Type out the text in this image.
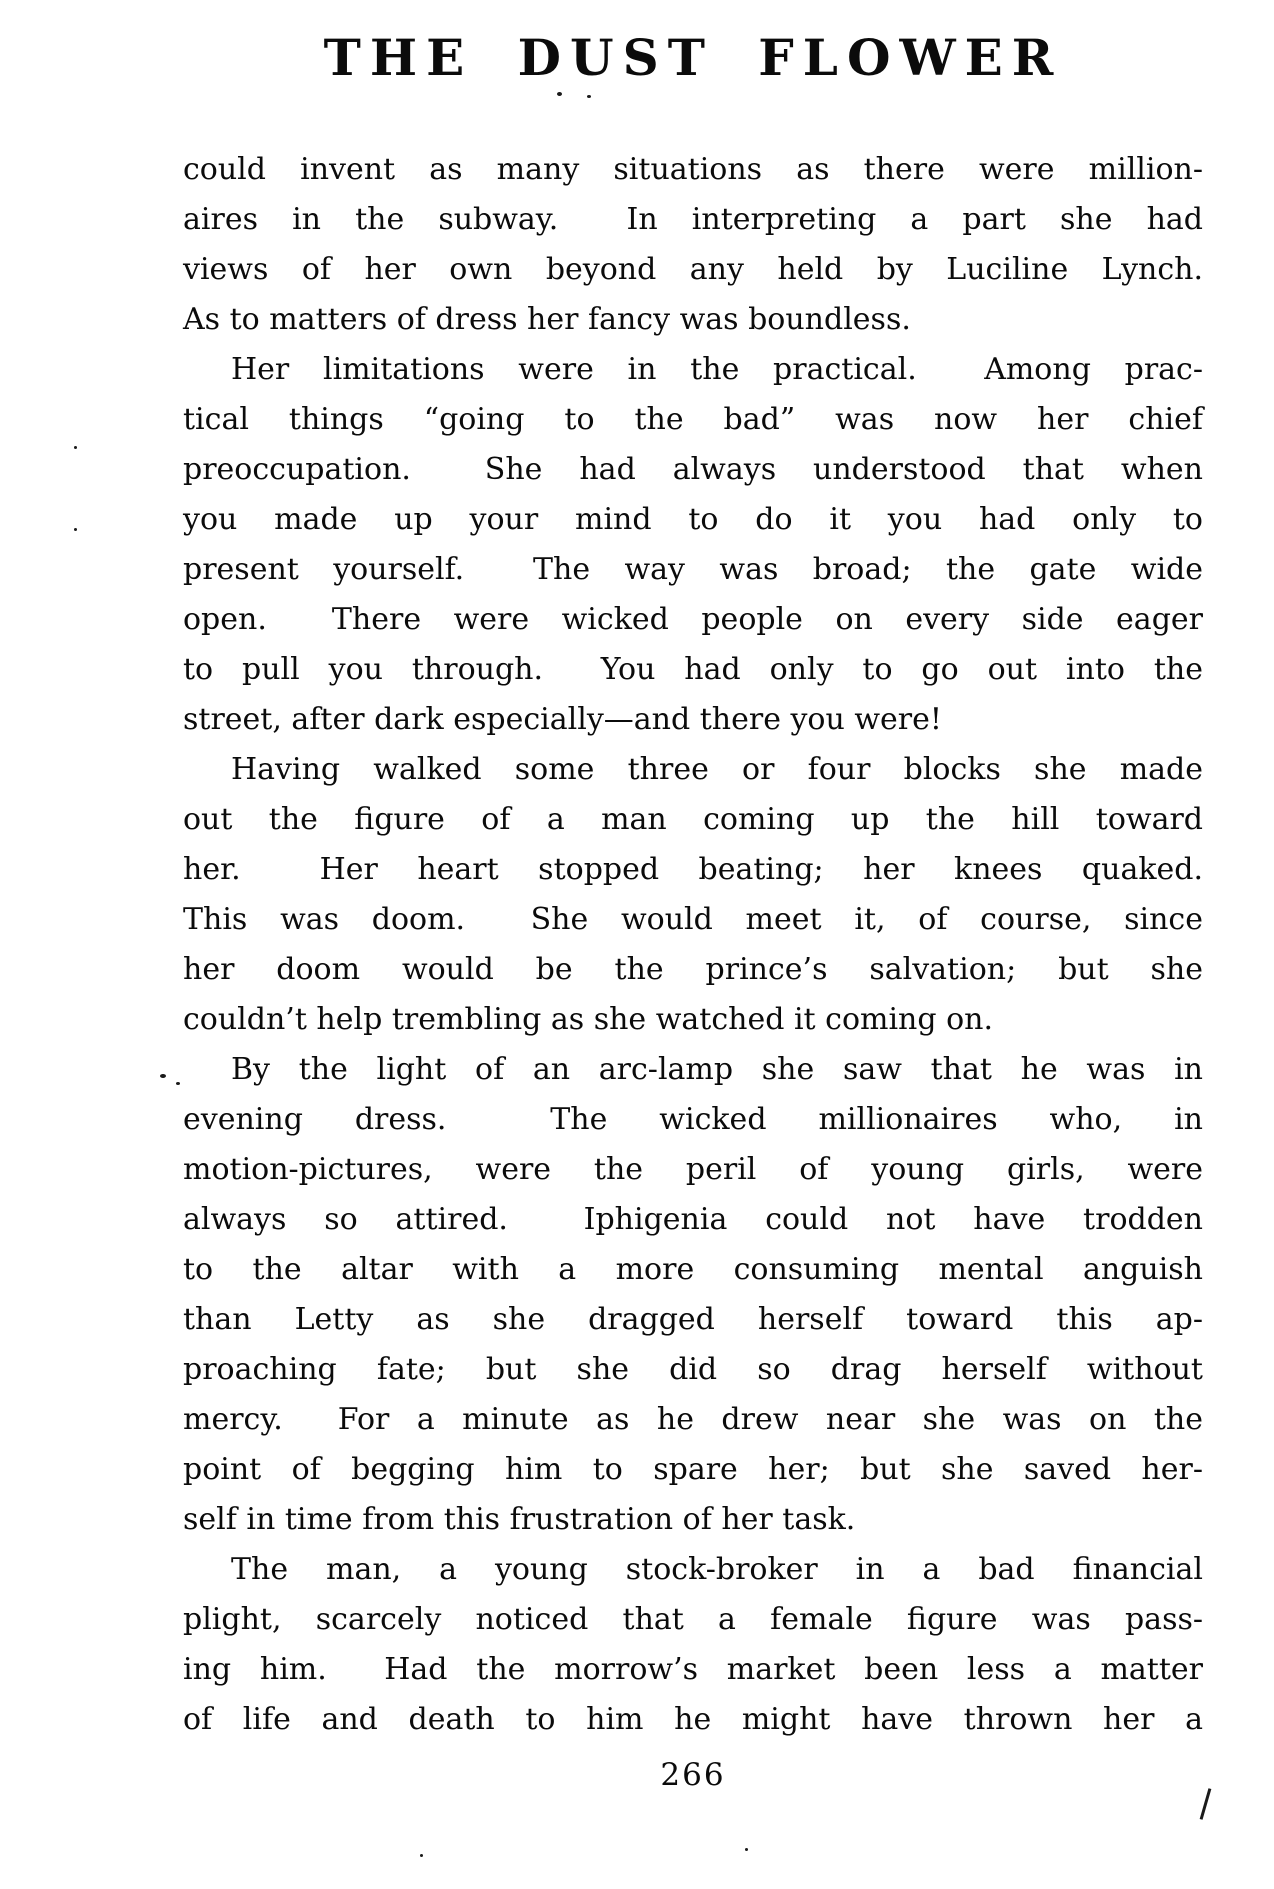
THE DUST FLOWER
could invent as many situations as there were million-
aires in the subway.  In interpreting a part she had
views of her own beyond any held by Luciline Lynch.
As to matters of dress her fancy was boundless.
Her limitations were in the practical.  Among prac-
tical things “going to the bad” was now her chief
preoccupation.  She had always understood that when
you made up your mind to do it you had only to
present yourself.  The way was broad; the gate wide
open.  There were wicked people on every side eager
to pull you through.  You had only to go out into the
street, after dark especially—and there you were!
Having walked some three or four blocks she made
out the figure of a man coming up the hill toward
her.  Her heart stopped beating; her knees quaked.
This was doom.  She would meet it, of course, since
her doom would be the prince’s salvation; but she
couldn’t help trembling as she watched it coming on.
By the light of an arc-lamp she saw that he was in
evening dress.  The wicked millionaires who, in
motion-pictures, were the peril of young girls, were
always so attired.  Iphigenia could not have trodden
to the altar with a more consuming mental anguish
than Letty as she dragged herself toward this ap-
proaching fate; but she did so drag herself without
mercy.  For a minute as he drew near she was on the
point of begging him to spare her; but she saved her-
self in time from this frustration of her task.
The man, a young stock-broker in a bad financial
plight, scarcely noticed that a female figure was pass-
ing him.  Had the morrow’s market been less a matter
of life and death to him he might have thrown her a
266
